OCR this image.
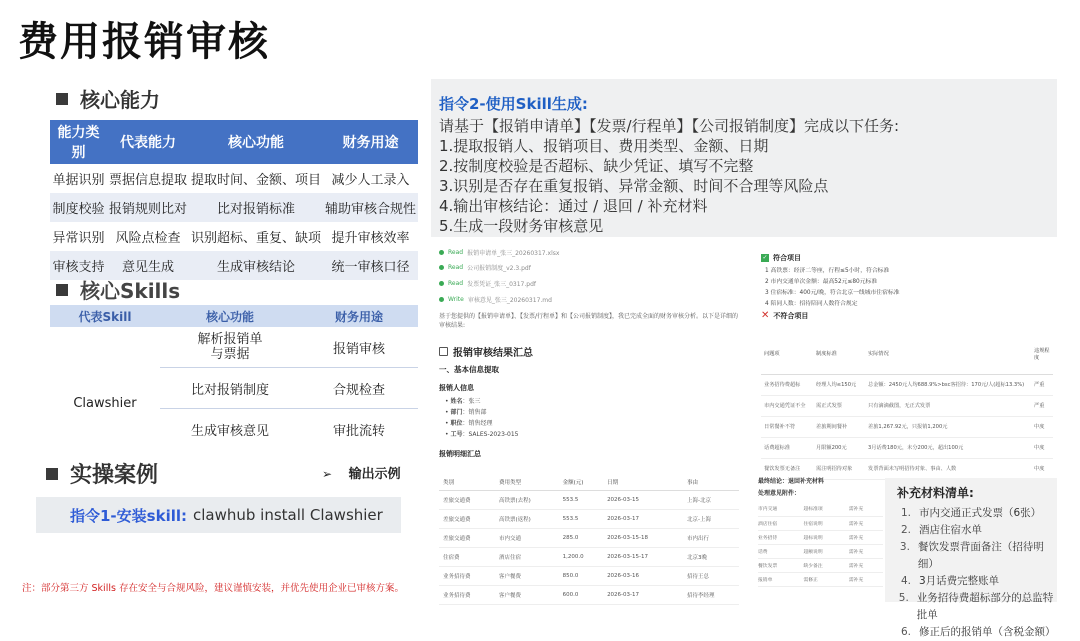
费用报销审核
核心能力
能力类别	代表能力	核心功能	财务用途
单据识别	票据信息提取	提取时间、金额、项目	减少人工录入
制度校验	报销规则比对	比对报销标准	辅助审核合规性
异常识别	风险点检查	识别超标、重复、缺项	提升审核效率
审核支持	意见生成	生成审核结论	统一审核口径
核心Skills
代表Skill	核心功能	财务用途
Clawshier
解析报销单
与票据	报销审核
比对报销制度	合规检查
生成审核意见	审批流转
实操案例	➢ 输出示例
指令1-安装skill: clawhub install Clawshier
注：部分第三方 Skills 存在安全与合规风险，建议谨慎安装，并优先使用企业已审核方案。
指令2-使用Skill生成:
请基于【报销申请单】【发票/行程单】【公司报销制度】完成以下任务:
1.提取报销人、报销项目、费用类型、金额、日期
2.按制度校验是否超标、缺少凭证、填写不完整
3.识别是否存在重复报销、异常金额、时间不合理等风险点
4.输出审核结论：通过 / 退回 / 补充材料
5.生成一段财务审核意见
Read 报销申请单_张三_20260317.xlsx
Read 公司报销制度_v2.3.pdf
Read 发票凭证_张三_0317.pdf
Write 审核意见_张三_20260317.md
基于您提供的【报销申请单】、【发票/行程单】和【公司报销制度】，我已完成全面的财务审核分析。以下是详细的审核结果:
报销审核结果汇总
一、基本信息提取
报销人信息
• 姓名：张三
• 部门：销售部
• 职位：销售经理
• 工号：SALES-2023-015
报销明细汇总
类别	费用类型	金额(元)	日期	事由
差旅交通费	高铁票(去程)	553.5	2026-03-15	上海-北京
差旅交通费	高铁票(返程)	553.5	2026-03-17	北京-上海
差旅交通费	市内交通	285.0	2026-03-15-18	市内出行
住宿费	酒店住宿	1,200.0	2026-03-15-17	北京3晚
业务招待费	客户餐费	850.0	2026-03-16	招待王总
业务招待费	客户餐费	600.0	2026-03-17	招待李经理
✓ 符合项目
1 高铁票：经济二等座，行程≤5小时，符合标准
2 市内交通单次金额：最高52元≤80元标准
3 住宿标准：400元/晚，符合北京一线城市住宿标准
4 陪同人数：招待陪同人数符合规定
✕ 不符合项目
问题项	制度标准	实际情况	违规程度
业务招待费超标	经理人均≤150元	总金额：2450元人均688.9%>bsc客招待：170元/人(超标13.3%)	严重
市内交通凭证不全	需正式发票	只有滴滴截图，无正式发票	严重
日常餐补不符	差旅期间餐补	差旅1,267.92元，只报销1,200元	中度
话费超标准	月限额200元	3月话费180元，未分200元，超出100元	中度
餐饮发票无备注	需注明招待对象	发票背面未写明招待对象、事由、人数	中度
最终结论：退回补充材料
处理意见附件：
市内交通	超标准项	需补充
酒店住宿	住宿说明	需补充
业务招待	超标说明	需补充
话费	超额说明	需补充
餐饮发票	缺少备注	需补充
报销单	需修正	需补充
补充材料清单:
1. 市内交通正式发票（6张）
2. 酒店住宿水单
3. 餐饮发票背面备注（招待明细）
4. 3月话费完整账单
5. 业务招待费超标部分的总监特批单
6. 修正后的报销单（含税金额）
